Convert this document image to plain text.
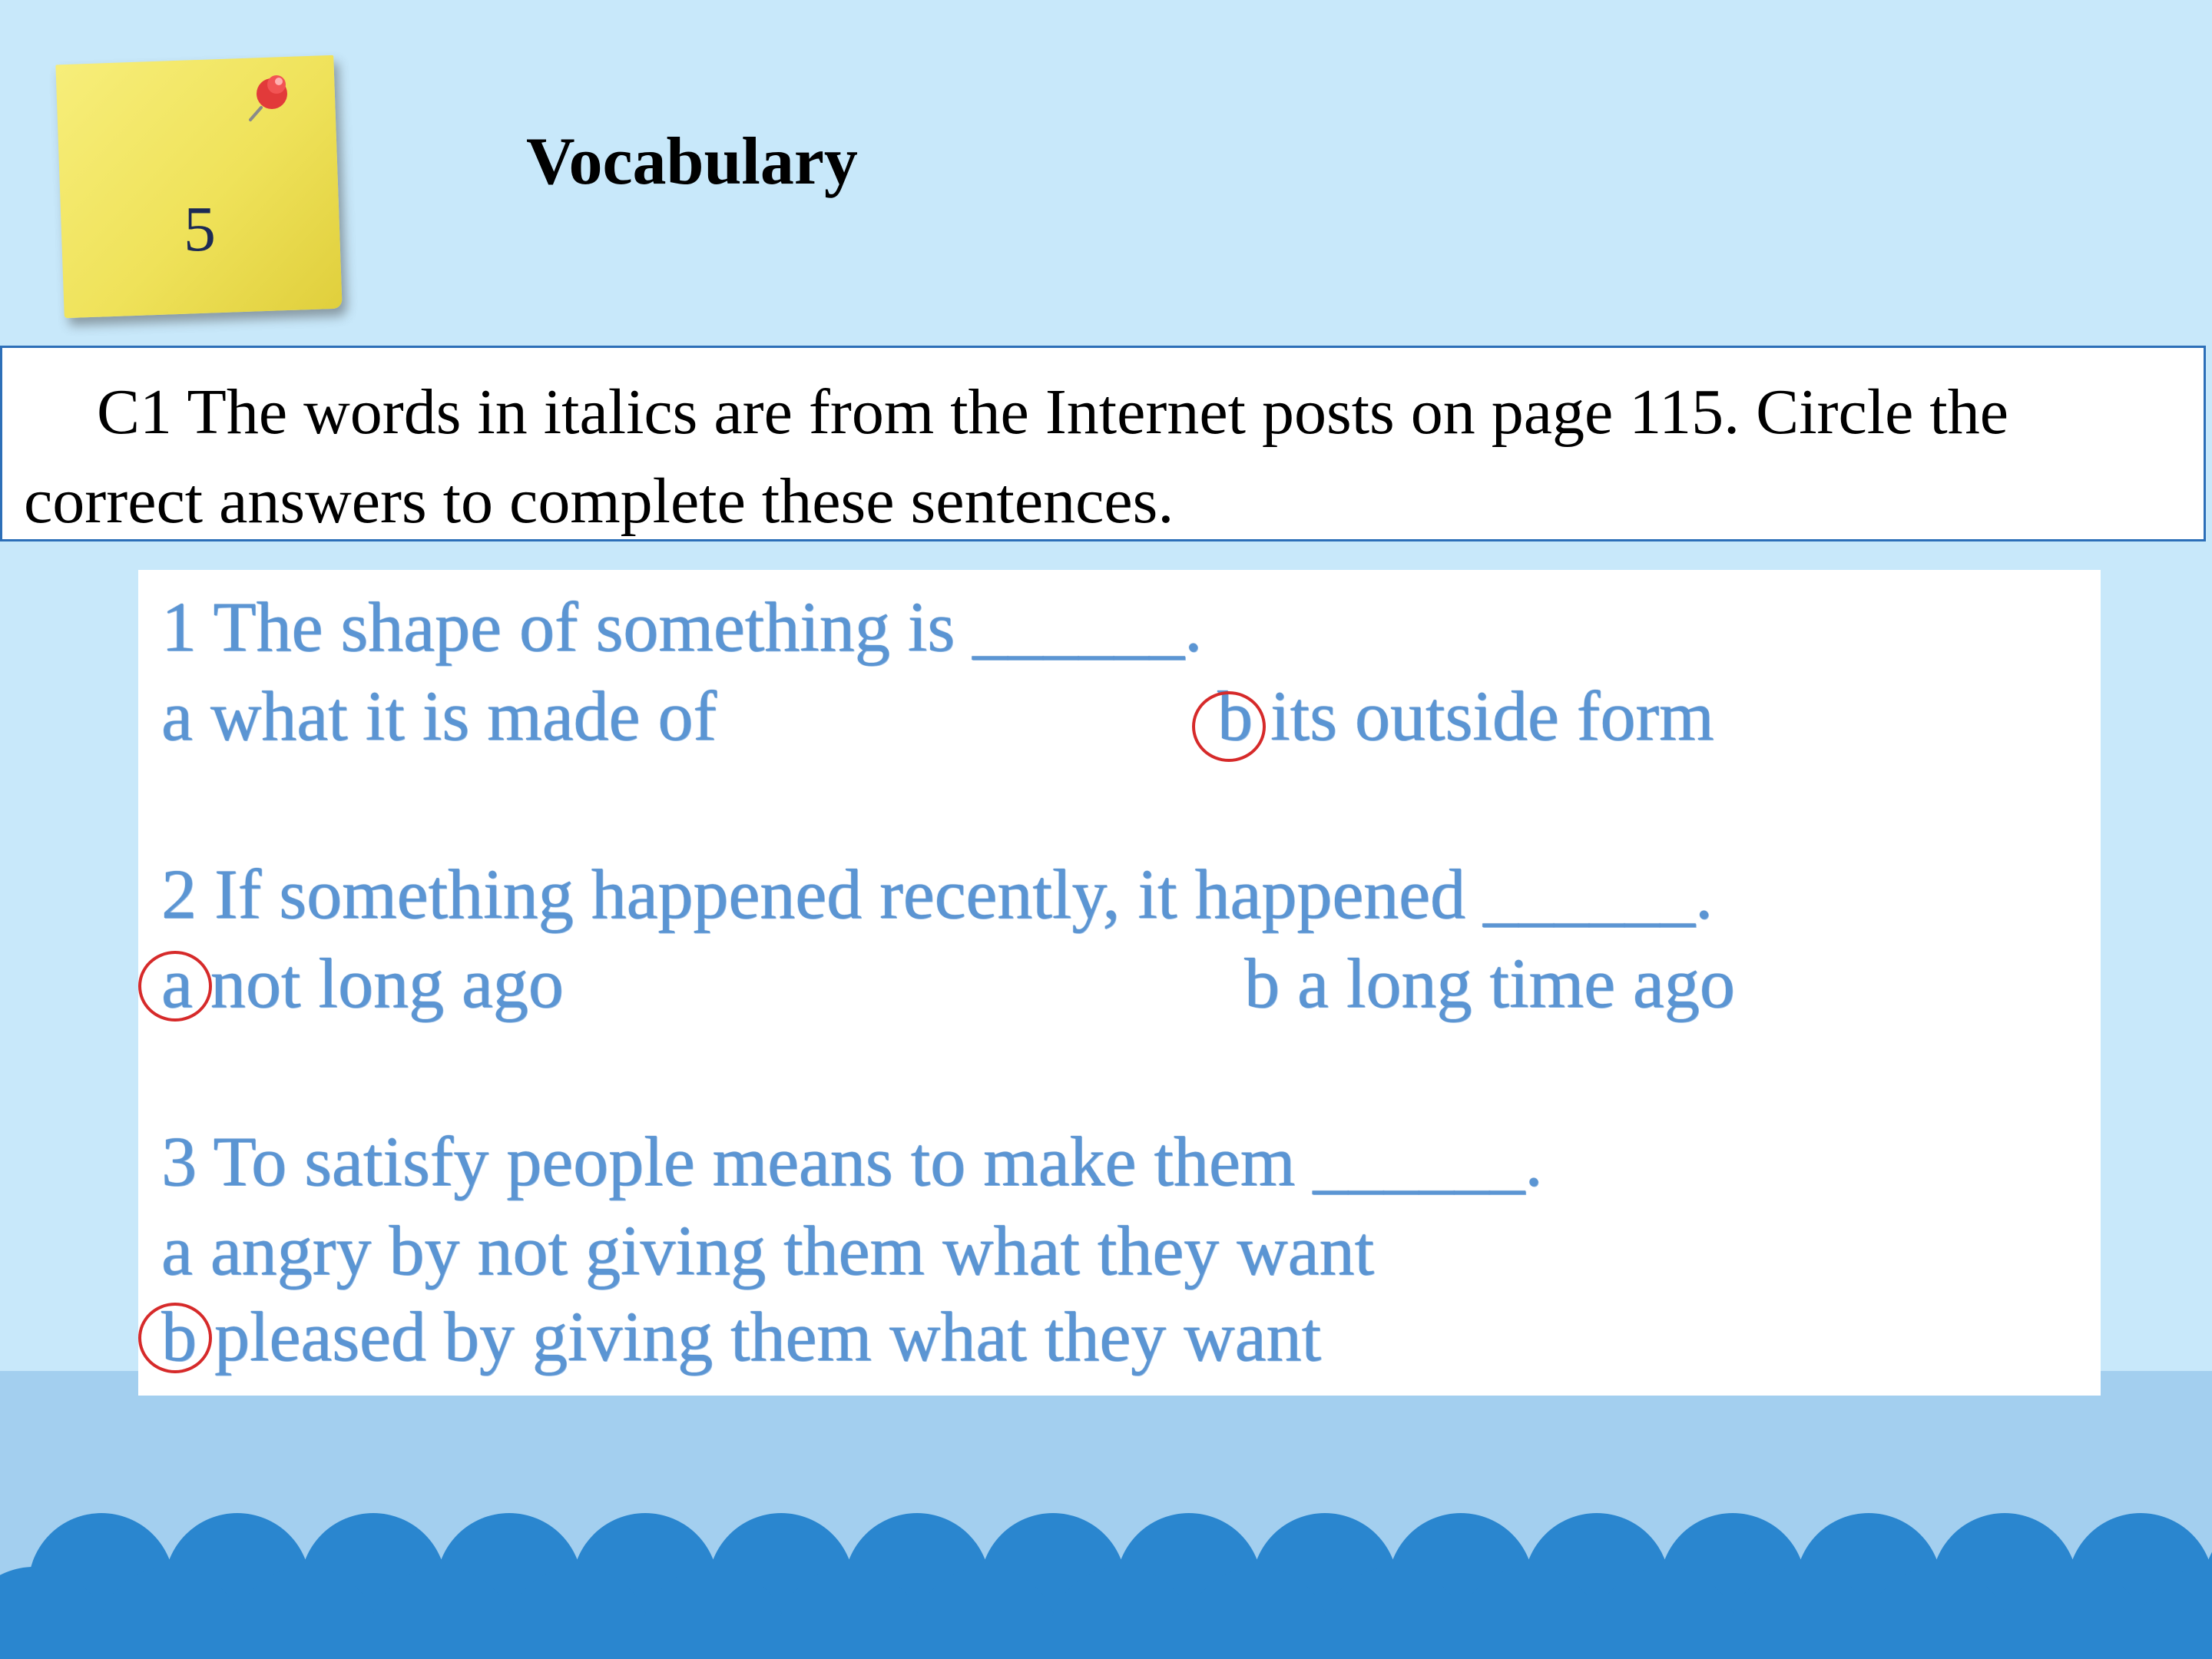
5
Vocabulary
C1 The words in italics are from the Internet posts on page 115. Circle the correct answers to complete these sentences.
1 The shape of something is ______.
a what it is made of	b its outside form
2 If something happened recently, it happened ______.
a not long ago	b a long time ago
3 To satisfy people means to make them ______.
a angry by not giving them what they want
b pleased by giving them what they want
